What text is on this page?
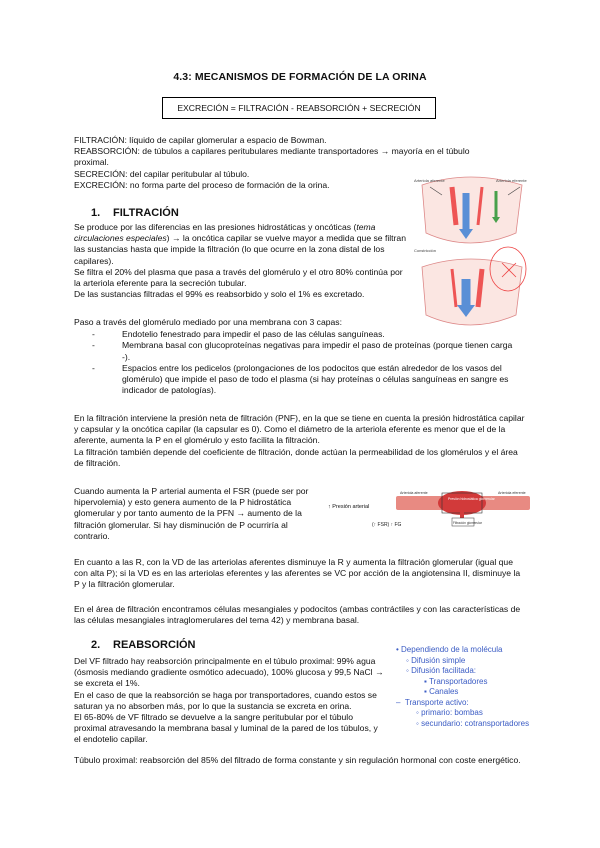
4.3: MECANISMOS DE FORMACIÓN DE LA ORINA
EXCRECIÓN = FILTRACIÓN - REABSORCIÓN + SECRECIÓN

FILTRACIÓN: líquido de capilar glomerular a espacio de Bowman.

REABSORCIÓN: de túbulos a capilares peritubulares mediante transportadores → mayoría en el túbulo proximal.

SECRECIÓN: del capilar peritubular al túbulo.

EXCRECIÓN: no forma parte del proceso de formación de la orina.

1. FILTRACIÓN

Se produce por las diferencias en las presiones hidrostáticas y oncóticas (tema circulaciones especiales) → la oncótica capilar se vuelve mayor a medida que se filtran las sustancias hasta que impide la filtración (lo que ocurre en la zona distal de los capilares).

Se filtra el 20% del plasma que pasa a través del glomérulo y el otro 80% continúa por la arteriola eferente para la secreción tubular.

De las sustancias filtradas el 99% es reabsorbido y solo el 1% es excretado.

Arteriola aferente	Arteriola eferente
Constricción

Paso a través del glomérulo mediado por una membrana con 3 capas:

- Endotelio fenestrado para impedir el paso de las células sanguíneas.
- Membrana basal con glucoproteínas negativas para impedir el paso de proteínas (porque tienen carga -).
- Espacios entre los pedicelos (prolongaciones de los podocitos que están alrededor de los vasos del glomérulo) que impide el paso de todo el plasma (si hay proteínas o células sanguíneas en sangre es indicador de patologías).

En la filtración interviene la presión neta de filtración (PNF), en la que se tiene en cuenta la presión hidrostática capilar y capsular y la oncótica capilar (la capsular es 0). Como el diámetro de la arteriola eferente es menor que el de la aferente, aumenta la P en el glomérulo y esto facilita la filtración.

La filtración también depende del coeficiente de filtración, donde actúan la permeabilidad de los glomérulos y el área de filtración.

Cuando aumenta la P arterial aumenta el FSR (puede ser por hipervolemia) y esto genera aumento de la P hidrostática glomerular y por tanto aumento de la PFN → aumento de la filtración glomerular. Si hay disminución de P ocurriría al contrario.

↑ Presión arterial
Arteriola aferente
Presión hidrostática glomerular
Arteriola eferente
Filtración glomerular
(↑ FSR) ↑ FG

En cuanto a las R, con la VD de las arteriolas aferentes disminuye la R y aumenta la filtración glomerular (igual que con alta P); si la VD es en las arteriolas eferentes y las aferentes se VC por acción de la angiotensina II, disminuye la P y la filtración glomerular.

En el área de filtración encontramos células mesangiales y podocitos (ambas contráctiles y con las características de las células mesangiales intraglomerulares del tema 42) y membrana basal.

2. REABSORCIÓN

Del VF filtrado hay reabsorción principalmente en el túbulo proximal: 99% agua (ósmosis mediando gradiente osmótico adecuado), 100% glucosa y 99,5 NaCl → se excreta el 1%.

En el caso de que la reabsorción se haga por transportadores, cuando estos se saturan ya no absorben más, por lo que la sustancia se excreta en orina.

El 65-80% de VF filtrado se devuelve a la sangre peritubular por el túbulo proximal atravesando la membrana basal y luminal de la pared de los túbulos, y el endotelio capilar.

Túbulo proximal: reabsorción del 85% del filtrado de forma constante y sin regulación hormonal con coste energético.

• Dependiendo de la molécula
◦ Difusión simple
◦ Difusión facilitada:
▪ Transportadores
▪ Canales
–  Transporte activo:
◦ primario: bombas
◦ secundario: cotransportadores
